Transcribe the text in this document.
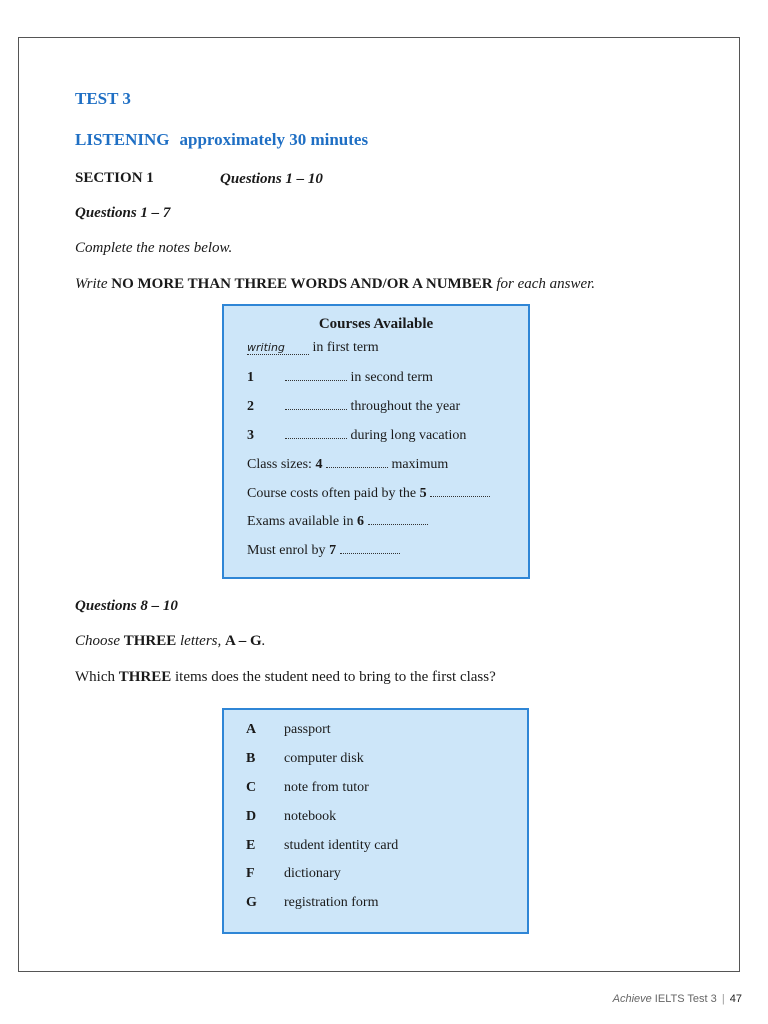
TEST 3
LISTENING approximately 30 minutes
SECTION 1	Questions 1 – 10
Questions 1 – 7
Complete the notes below.
Write NO MORE THAN THREE WORDS AND/OR A NUMBER for each answer.
Courses Available
writing in first term
1	in second term
2	throughout the year
3	during long vacation
Class sizes: 4	maximum
Course costs often paid by the 5
Exams available in 6
Must enrol by 7
Questions 8 – 10
Choose THREE letters, A – G.
Which THREE items does the student need to bring to the first class?
A passport
B computer disk
C note from tutor
D notebook
E student identity card
F dictionary
G registration form
Achieve IELTS Test 3 | 47
